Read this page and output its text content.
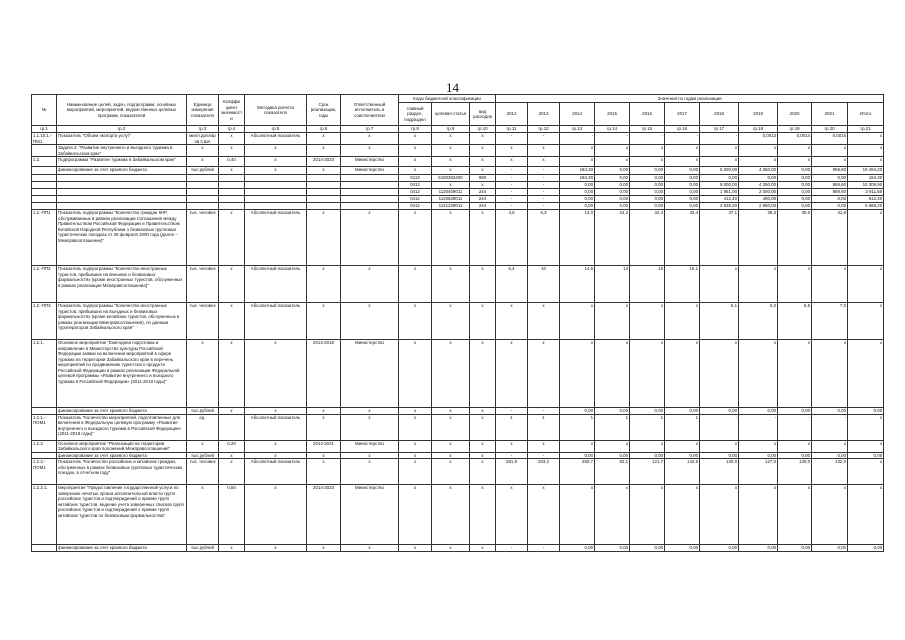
14
№	Наименование целей, задач, подпрограмм, основных мероприятий, мероприятий, ведомственных целевых программ, показателей	Единица измерения показателя	Коэффи циент значимости	Методика расчета показателя	Срок реализации, годы	Ответственный исполнитель и соисполнители	Коды бюджетной классификации			Значения по годам реализации										
							главный раздел, подраздел	целевая статья	вид расходов	2012	2013	2014	2015	2016	2017	2018	2019	2020	2021	Итого
гр.1	гр.2	гр.3	гр.4	гр.5	гр.6	гр.7	гр.8	гр.9	гр.10	гр.11	гр.12	гр.13	гр.14	гр.15	гр.16	гр.17	гр.18	гр.19	гр.20	гр.21
1.1.10.1.-ПМ1	Показатель "Объем экспорта услуг"	милл.долларов США	x	Абсолютный показатель	x	x	x	x	x	-	-	-	-	-	-	-	0,0013	0,0014	0,0015	x
	Задача 2. "Развитие внутреннего и въездного туризма в Забайкальском крае"	x	x	x	x	x	x	x	x	x	x	x	x	x	x	x	x	x	x	x
1.2.	Подпрограмма "Развитие туризма в Забайкальском крае"	x	0,40	x	2014-2023	Министерство	x	x	x	x	x	x	x	x	x	x	x	x	x	x
	финансирование за счет краевого бюджета	тыс.рублей	x	x	x	Министерство	x	x	x	-	-	184,30	0,00	0,00	0,00	5 000,00	4 250,00	0,00	959,60	10 494,20
							0113	5150363400	880	-	-	184,30	0,00	0,00	0,00	0,00	0,00	0,00	0,00	184,30
							0412	x	x	-	-	0,00	0,00	0,00	0,00	5 000,00	4 250,00	0,00	959,60	10 309,90
							0412	1120409011	244	-	-	0,00	0,00	0,00	0,00	1 951,00	2 000,00	0,00	959,60	3 911,50
							0412	1120629011	244	-	-	0,00	0,00	0,00	0,00	412,40	400,00	0,00	0,00	812,40
							0412	1121229011	244	-	-	0,00	0,00	0,00	0,00	2 636,20	2 950,00	0,00	0,00	5 586,20
1.2.-ПП1	Показатель подпрограммы "Количество граждан КНР, обслуживаемых в рамках реализации Соглашения между Правительством Российской Федерации и Правительством Китайской Народной Республики о безвизовых групповых туристических поездках от 29 февраля 2000 года (далее – Межправсоглашение)"	тыс. человек	x	Абсолютный показатель	x	x	x	x	x	4,5	6,3	13,0	24,2	32,4	42,4	37,1	38,3	40,0	41,8	x
1.2.-ПП2	Показатель подпрограммы "Количество иностранных туристов, прибывших на внешних и безвизовых формальностях (кроме иностранных туристов, обслуженных в рамках реализации Межправсоглашения)"	тыс. человек	x	Абсолютный показатель	x	x	x	x	x	5,4	10	14,5	13	15	15,1	x	x	x	x	x
1.2.-ПП3	Показатель подпрограммы "Количество иностранных туристов, прибывших на въездных и безвизовых формальностях (кроме китайских туристов, обслуженных в рамках реализации Межправсоглашения), по данным туроператоров Забайкальского края"	тыс. человек	x	Абсолютный показатель	x	x	x	x	x	x	x	x	x	x	x	5,1	6,0	6,5	7,0	x
1.2.1.	Основное мероприятие "Ежегодная подготовка и направление в Министерство культуры Российской Федерации заявки на включение мероприятий в сфере туризма на территории Забайкальского края в перечень мероприятий по продвижению туристского продукта Российской Федерации в рамках реализации Федеральной целевой программы «Развитие внутреннего и въездного туризма в Российской Федерации» (2011-2018 годы)"	x	x	x	2014-2018	Министерство	x	x	x	x	x	x	x	x	x	x	x	x	x	x
	финансирование за счет краевого бюджета	тыс.рублей	x	x	x	x	x	x	x	-	-	0,00	0,00	0,00	0,00	0,00	0,00	0,00	0,00	0,00
1.2.1.-ПОМ1	Показатель "Количество мероприятий, подготовленных для включения в Федеральную целевую программу «Развитие внутреннего и въездного туризма в Российской Федерации» (2011-2018 годы)"	ед.		Абсолютный показатель	x	x	x	x	x	1	1	1	1	1	1	-	-	-	-	x
1.2.2.	Основное мероприятие "Реализация на территории Забайкальского края положений Межправсоглашения"	x	0,20	x	2014-2021	Министерство	x	x	x	x	x	x	x	x	x	x	x	x	x	x
	финансирование за счет краевого бюджета	тыс.рублей	x	x	x	x	x	x	x	-	-	0,00	0,00	0,00	0,00	0,00	0,00	0,00	0,00	0,00
1.2.2.-ПОМ1	Показатель "Количество российских и китайских граждан, обслуженных в рамках безвизовых групповых туристических поездок, в отчетном году"	тыс. человек	x	Абсолютный показатель	x	x	x	x	x	281,9	203,2	250,7	82,1	121,7	142,6	120,0	127,0	130,0	132,0	x
1.2.2.1.	Мероприятие "Предоставление государственной услуги по заверению печатью органа исполнительной власти групп российских туристов и подтверждений о приеме групп китайских туристов, ведение учета заверенных списков групп российских туристов и подтверждений о приеме групп китайских туристов по безвизовым формальностям"	x	0,50	x	2014-2023	Министерство	x	x	x	x	x	x	x	x	x	x	x	x	x	x
	финансирование за счет краевого бюджета	тыс.рублей	x	x	x	x	x	x	x	-	-	0,00	0,00	0,00	0,00	0,00	0,00	0,00	0,00	0,00
